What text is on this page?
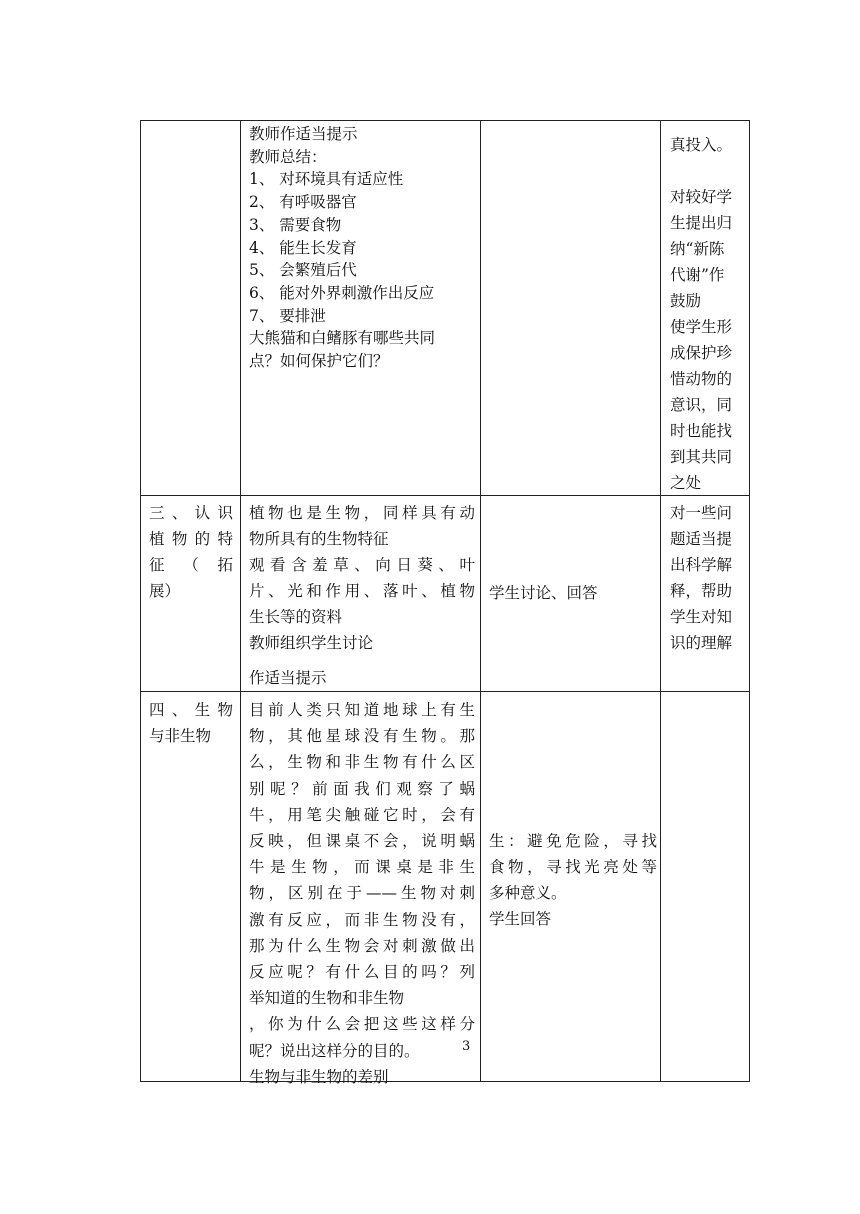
教师作适当提示

教师总结：

1、 对环境具有适应性

2、 有呼吸器官

3、 需要食物

4、 能生长发育

5、 会繁殖后代

6、 能对外界刺激作出反应

7、 要排泄

大熊猫和白鳍豚有哪些共同

点？如何保护它们？

真投入。

对较好学

生提出归

纳“新陈

代谢”作

鼓励

使学生形

成保护珍

惜动物的

意识，同

时也能找

到其共同

之处

三、认识

植物的特

征 （ 拓

展）

植物也是生物，同样具有动

物所具有的生物特征

观看含羞草、向日葵、叶

片、光和作用、落叶、植物

生长等的资料

教师组织学生讨论

作适当提示

学生讨论、回答

对一些问

题适当提

出科学解

释，帮助

学生对知

识的理解

四、生物

与非生物

目前人类只知道地球上有生

物，其他星球没有生物。那

么，生物和非生物有什么区

别呢？前面我们观察了蜗

牛，用笔尖触碰它时，会有

反映，但课桌不会，说明蜗

牛是生物，而课桌是非生

物，区别在于——生物对刺

激有反应，而非生物没有，

那为什么生物会对刺激做出

反应呢？有什么目的吗？列

举知道的生物和非生物

，你为什么会把这些这样分

呢？说出这样分的目的。

生物与非生物的差别

3

生：避免危险，寻找

食物，寻找光亮处等

多种意义。

学生回答
